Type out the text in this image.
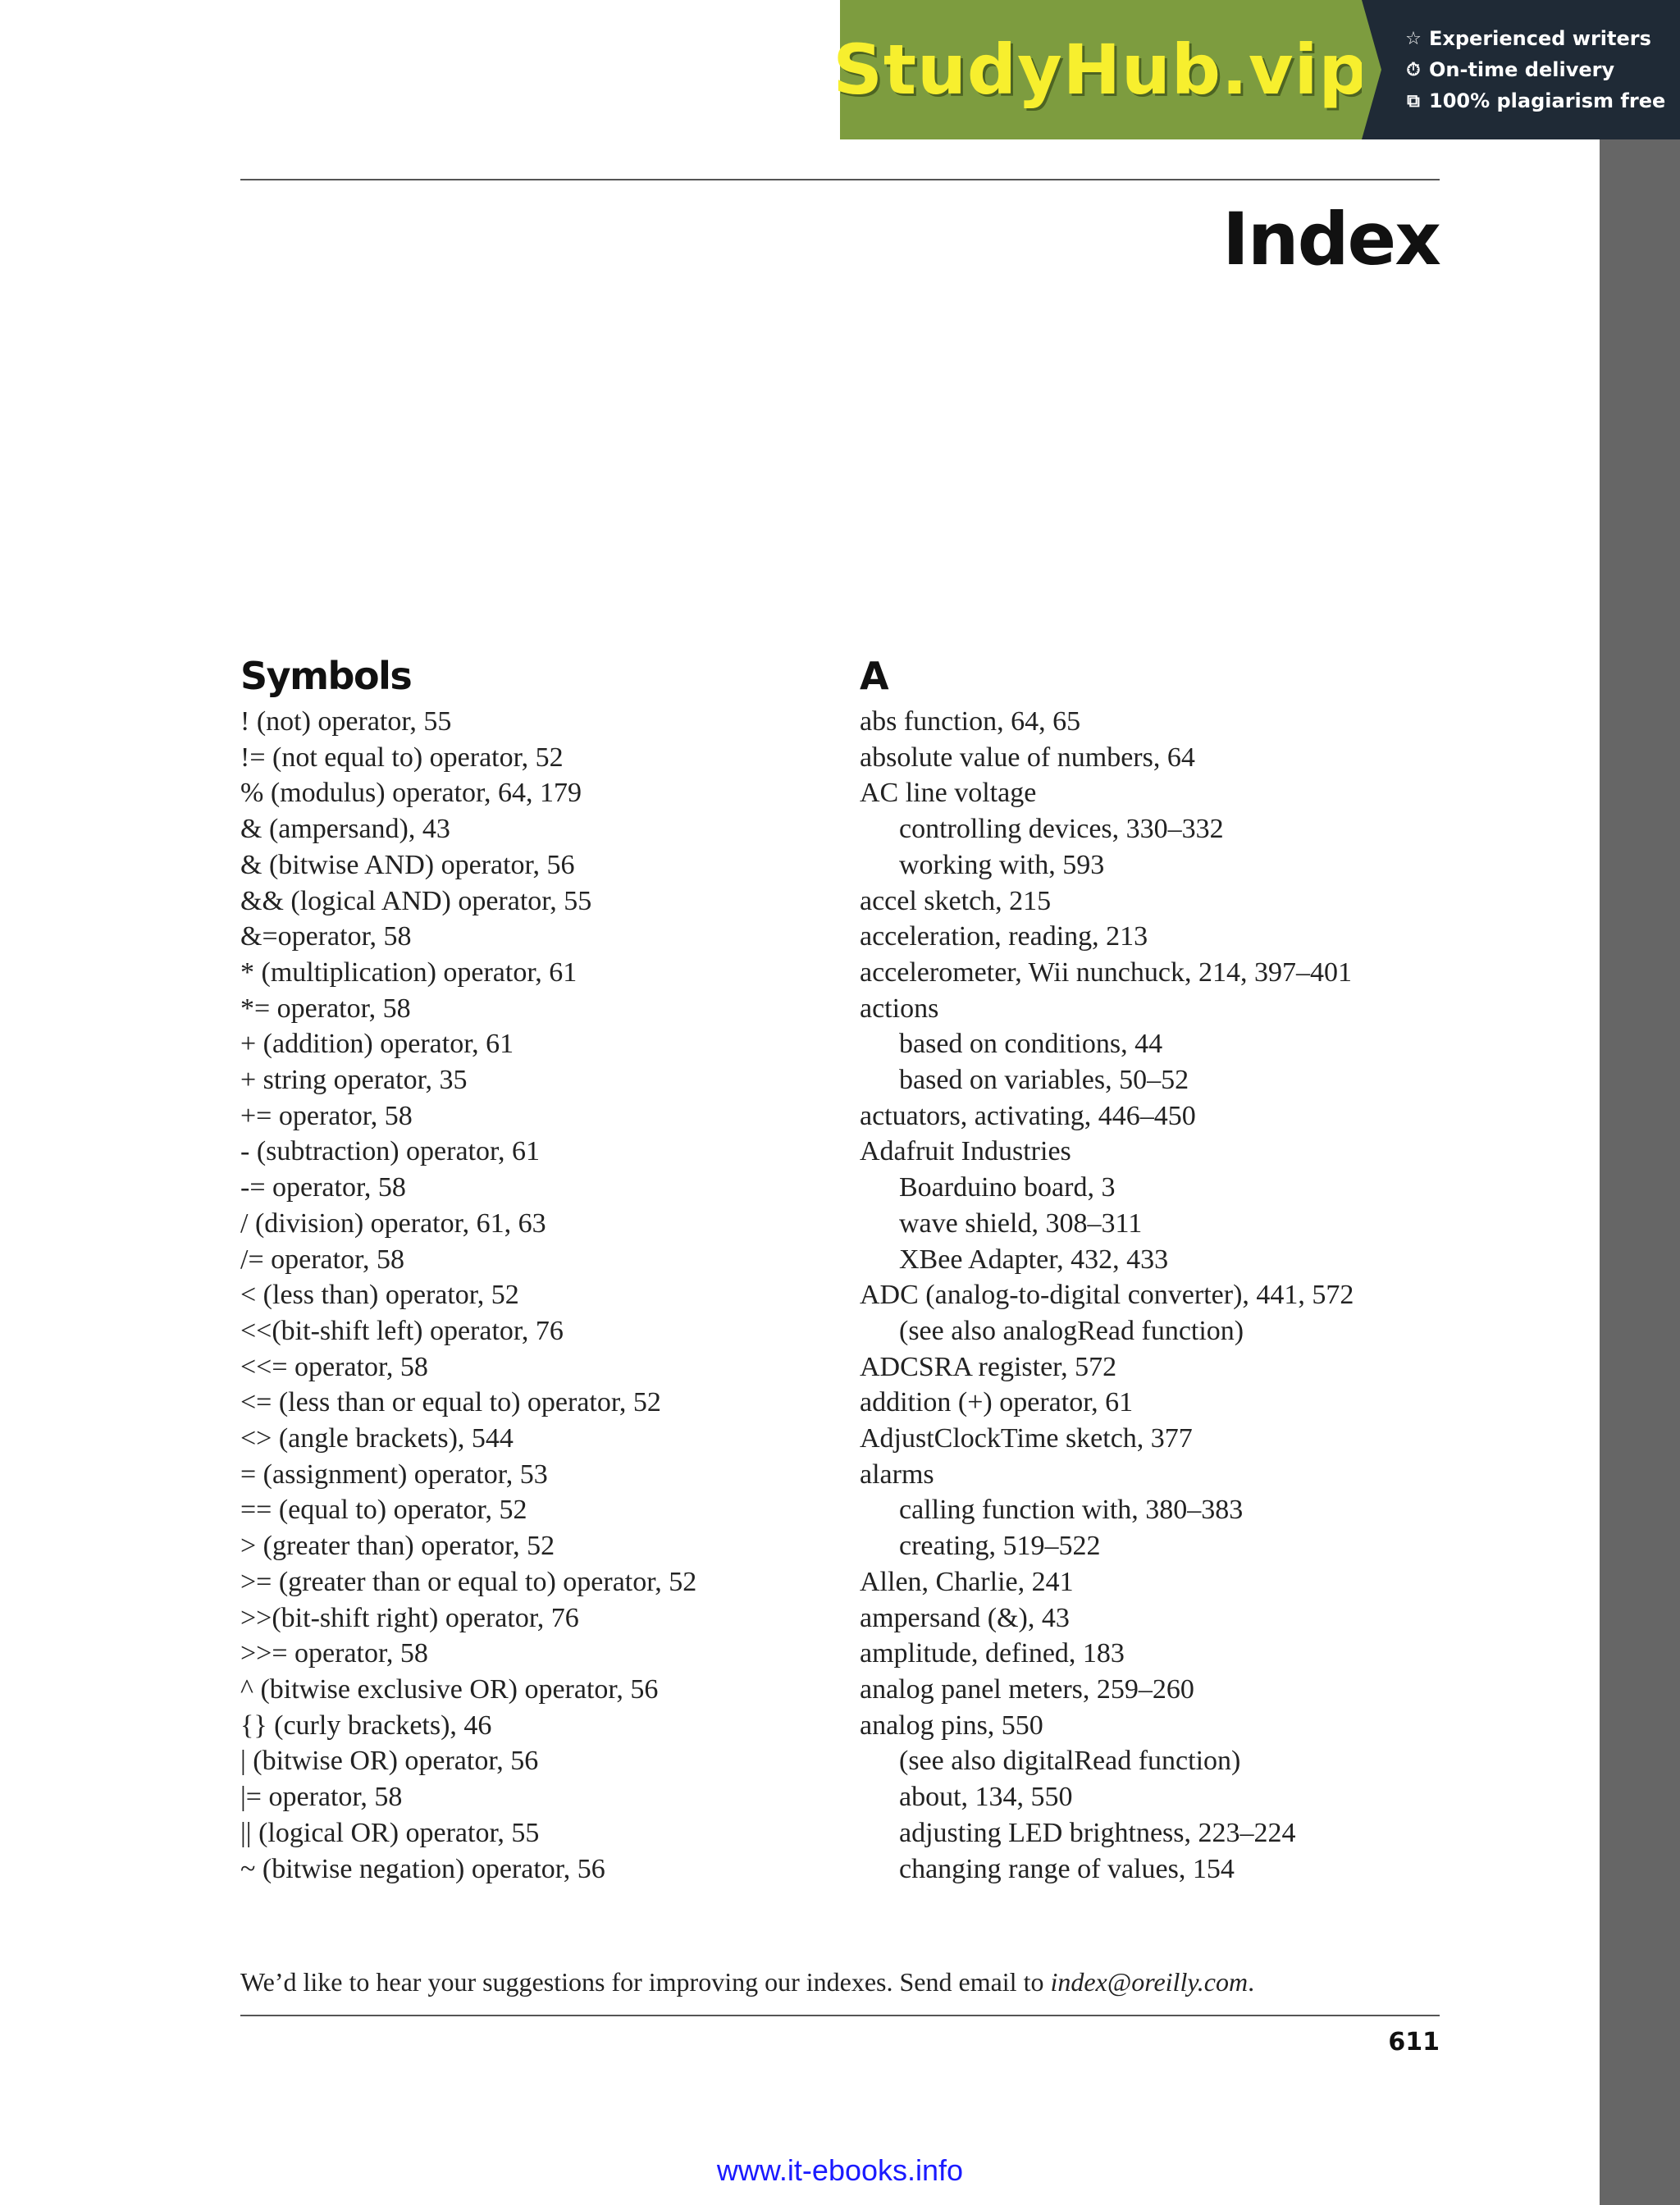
StudyHub.vip ☆ Experienced writers
⏱ On-time delivery
⧉ 100% plagiarism free
Index
Symbols
! (not) operator, 55
!= (not equal to) operator, 52
% (modulus) operator, 64, 179
& (ampersand), 43
& (bitwise AND) operator, 56
&& (logical AND) operator, 55
&=operator, 58
* (multiplication) operator, 61
*= operator, 58
+ (addition) operator, 61
+ string operator, 35
+= operator, 58
- (subtraction) operator, 61
-= operator, 58
/ (division) operator, 61, 63
/= operator, 58
< (less than) operator, 52
<<(bit-shift left) operator, 76
<<= operator, 58
<= (less than or equal to) operator, 52
<> (angle brackets), 544
= (assignment) operator, 53
== (equal to) operator, 52
> (greater than) operator, 52
>= (greater than or equal to) operator, 52
>>(bit-shift right) operator, 76
>>= operator, 58
^ (bitwise exclusive OR) operator, 56
{} (curly brackets), 46
| (bitwise OR) operator, 56
|= operator, 58
|| (logical OR) operator, 55
~ (bitwise negation) operator, 56
A
abs function, 64, 65
absolute value of numbers, 64
AC line voltage
controlling devices, 330–332
working with, 593
accel sketch, 215
acceleration, reading, 213
accelerometer, Wii nunchuck, 214, 397–401
actions
based on conditions, 44
based on variables, 50–52
actuators, activating, 446–450
Adafruit Industries
Boarduino board, 3
wave shield, 308–311
XBee Adapter, 432, 433
ADC (analog-to-digital converter), 441, 572
(see also analogRead function)
ADCSRA register, 572
addition (+) operator, 61
AdjustClockTime sketch, 377
alarms
calling function with, 380–383
creating, 519–522
Allen, Charlie, 241
ampersand (&), 43
amplitude, defined, 183
analog panel meters, 259–260
analog pins, 550
(see also digitalRead function)
about, 134, 550
adjusting LED brightness, 223–224
changing range of values, 154
We’d like to hear your suggestions for improving our indexes. Send email to index@oreilly.com.
611
www.it-ebooks.info
